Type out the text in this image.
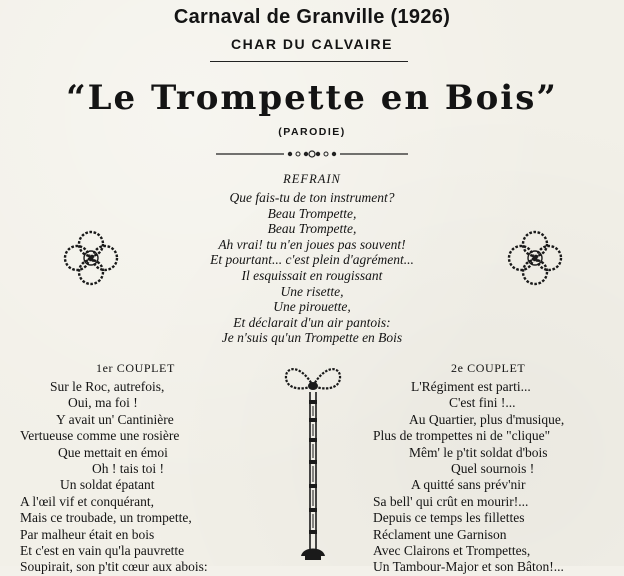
Carnaval de Granville (1926)
CHAR DU CALVAIRE
“Le Trompette en Bois”
(PARODIE)
REFRAIN
Que fais-tu de ton instrument?
Beau Trompette,
Beau Trompette,
Ah vrai! tu n'en joues pas souvent!
Et pourtant... c'est plein d'agrément...
Il esquissait en rougissant
Une risette,
Une pirouette,
Et déclarait d'un air pantois:
Je n'suis qu'un Trompette en Bois
1er COUPLET
Sur le Roc, autrefois,
Oui, ma foi !
Y avait un' Cantinière
Vertueuse comme une rosière
Que mettait en émoi
Oh ! tais toi !
Un soldat épatant
A l'œil vif et conquérant,
Mais ce troubade, un trompette,
Par malheur était en bois
Et c'est en vain qu'la pauvrette
Soupirait, son p'tit cœur aux abois:
2e COUPLET
L'Régiment est parti...
C'est fini !...
Au Quartier, plus d'musique,
Plus de trompettes ni de "clique"
Mêm' le p'tit soldat d'bois
Quel sournois !
A quitté sans prév'nir
Sa bell' qui crût en mourir!...
Depuis ce temps les fillettes
Réclament une Garnison
Avec Clairons et Trompettes,
Un Tambour-Major et son Bâton!...
